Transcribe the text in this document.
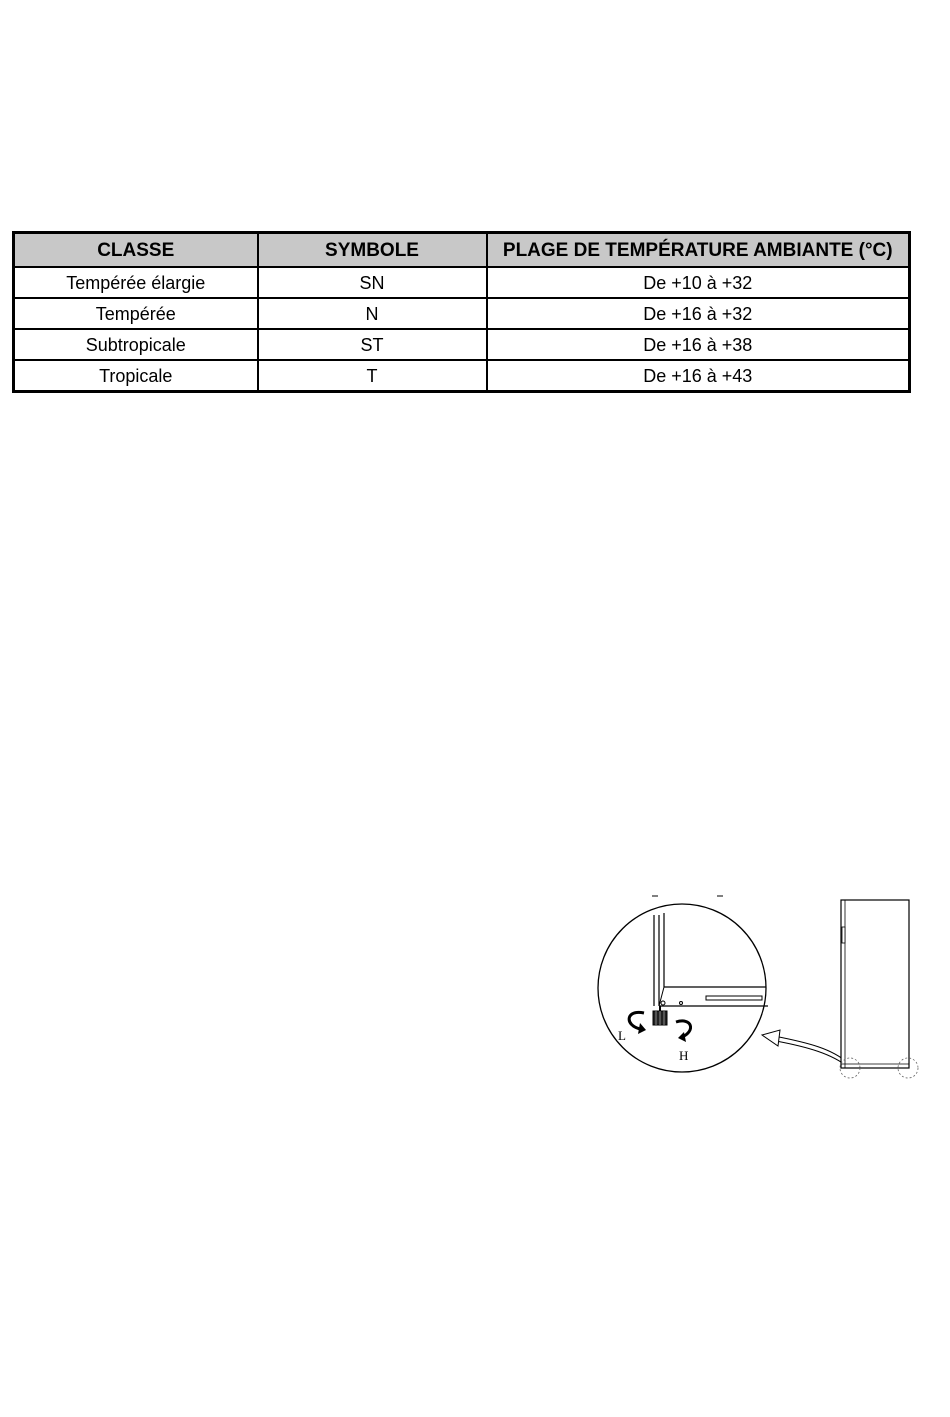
CLASSE	SYMBOLE	PLAGE DE TEMPÉRATURE AMBIANTE (°C)
Tempérée élargie	SN	De +10 à +32
Tempérée	N	De +16 à +32
Subtropicale	ST	De +16 à +38
Tropicale	T	De +16 à +43
L
H
